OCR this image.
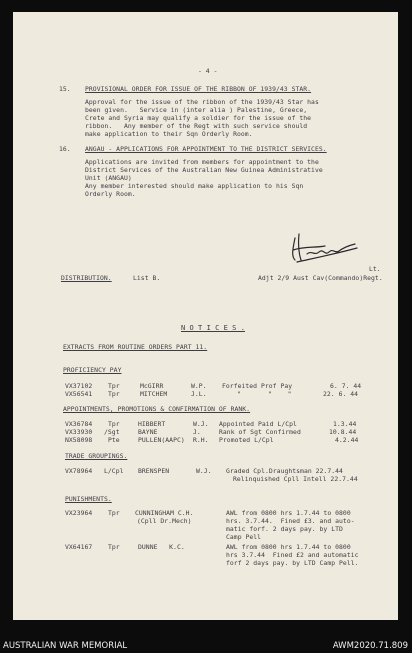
- 4 -
15. PROVISIONAL ORDER FOR ISSUE OF THE RIBBON OF 1939/43 STAR.
Approval for the issue of the ribbon of the 1939/43 Star has
been given.   Service in (inter alia ) Palestine, Greece,
Crete and Syria may qualify a soldier for the issue of the
ribbon.   Any member of the Regt with such service should
make application to their Sqn Orderly Room.
16. ANGAU - APPLICATIONS FOR APPOINTMENT TO THE DISTRICT SERVICES.
Applications are invited from members for appointment to the
District Services of the Australian New Guinea Administrative
Unit (ANGAU)
Any member interested should make application to his Sqn
Orderly Room.
Lt.
Adjt 2/9 Aust Cav(Commando)Regt.
DISTRIBUTION.	List B.
N O T I C E S .
EXTRACTS FROM ROUTINE ORDERS PART 11.
PROFICIENCY PAY
VX37102 Tpr	McGIRR	W.P. Forfeited Prof Pay	6. 7. 44
VX56541 Tpr	MITCHEM	J.L.	"       "    "	22. 6. 44
APPOINTMENTS, PROMOTIONS & CONFIRMATION OF RANK.
VX36784 Tpr	HIBBERT	W.J. Appointed Paid L/Cpl	1.3.44
VX33930 /Sgt	BAYNE	J.	Rank of Sgt Confirmed	10.8.44
NX58098 Pte	PULLEN(AAPC) R.H. Promoted L/Cpl	4.2.44
TRADE GROUPINGS.
VX78964 L/Cpl BRENSPEN	W.J. Graded Cpl.Draughtsman 22.7.44
Relinquished Cpll Intell 22.7.44
PUNISHMENTS.
VX23964 Tpr CUNNINGHAM C.H.
(Cpll Dr.Mech)
AWL from 0800 hrs 1.7.44 to 0800
hrs. 3.7.44.  Fined £3. and auto-
matic forf. 2 days pay. by LTD
Camp Pell
VX64167 Tpr	DUNNE   K.C.	AWL from 0800 hrs 1.7.44 to 0800
hrs 3.7.44  Fined £2 and automatic
forf 2 days pay. by LTD Camp Pell.
AUSTRALIAN WAR MEMORIAL	AWM2020.71.809
